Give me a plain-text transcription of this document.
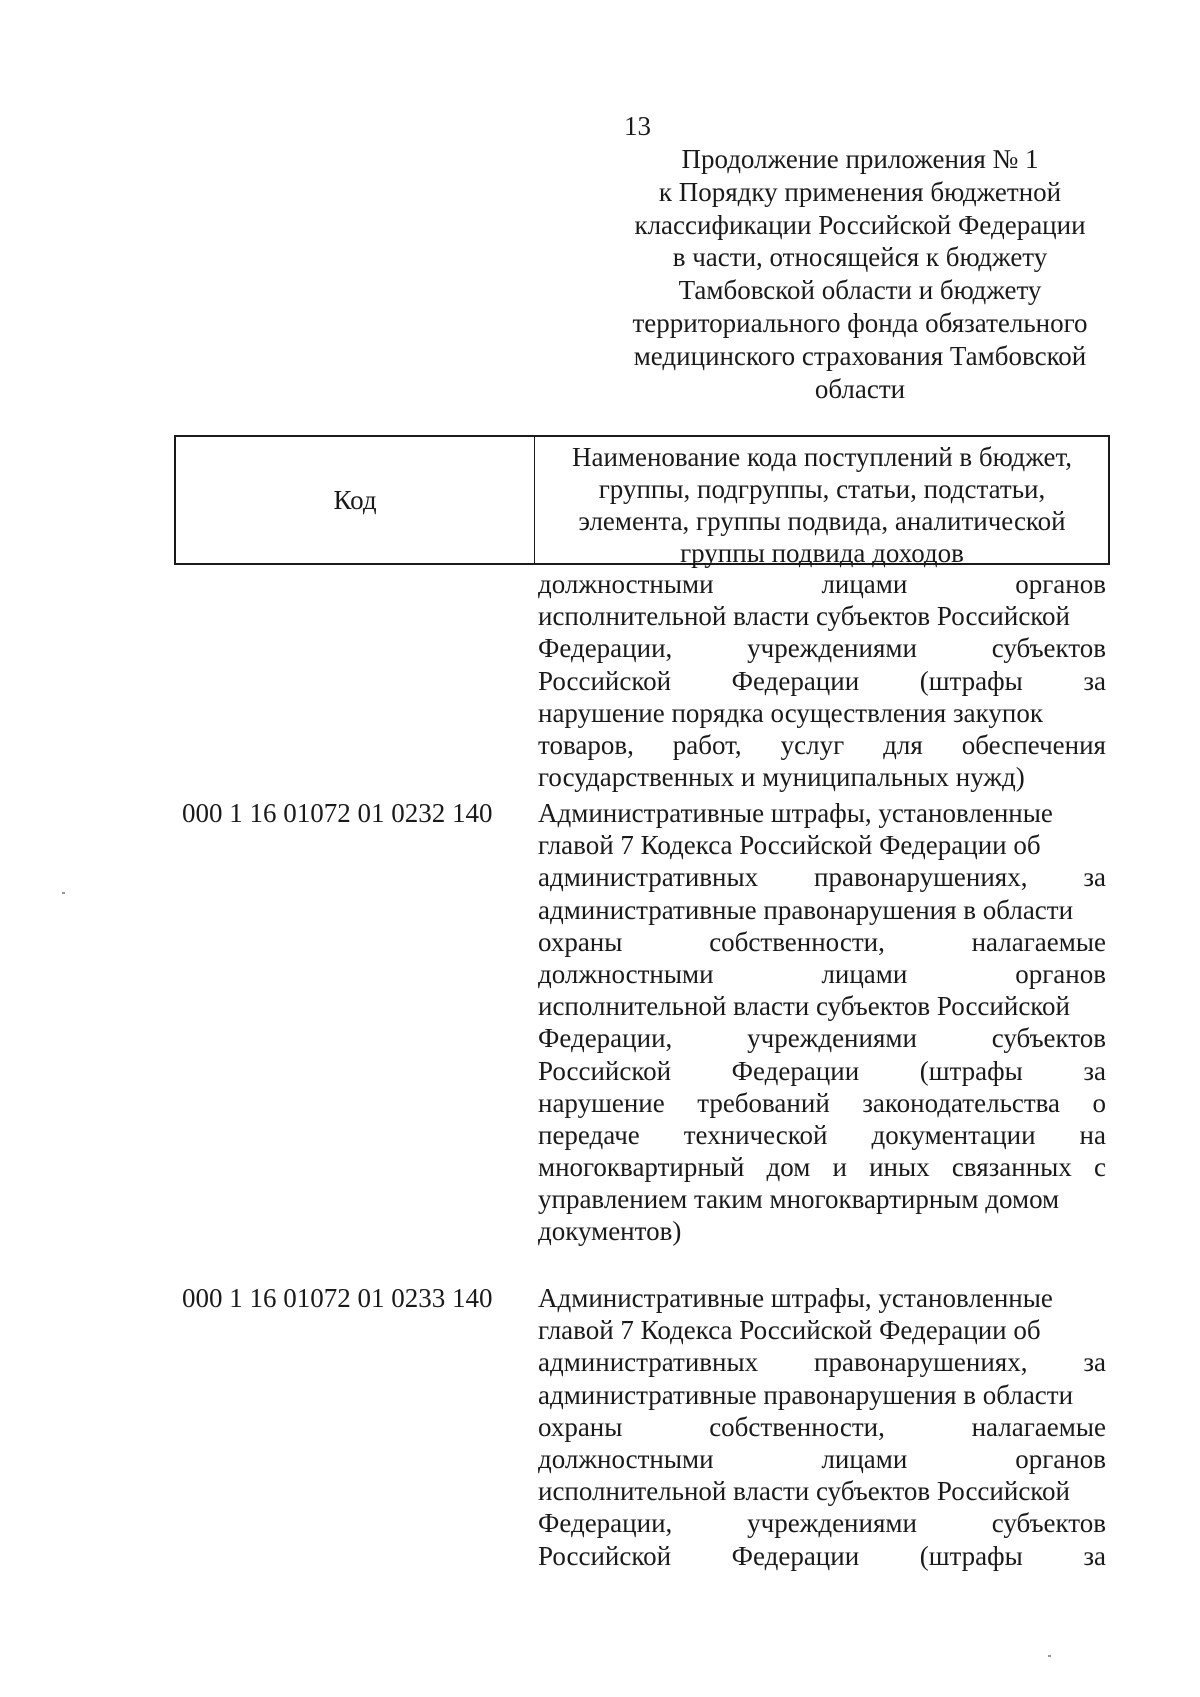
13
Продолжение приложения № 1
к Порядку применения бюджетной
классификации Российской Федерации
в части, относящейся к бюджету
Тамбовской области и бюджету
территориального фонда обязательного
медицинского страхования Тамбовской
области
Код
Наименование кода поступлений в бюджет,
группы, подгруппы, статьи, подстатьи,
элемента, группы подвида, аналитической
группы подвида доходов
должностными	лицами	органов
исполнительной власти субъектов Российской
Федерации,	учреждениями	субъектов
Российской Федерации (штрафы за
нарушение порядка осуществления закупок
товаров, работ, услуг для обеспечения
государственных и муниципальных нужд)
000 1 16 01072 01 0232 140	Административные штрафы, установленные
главой 7 Кодекса Российской Федерации об
административных правонарушениях, за
административные правонарушения в области
охраны	собственности,	налагаемые
должностными	лицами	органов
исполнительной власти субъектов Российской
Федерации,	учреждениями	субъектов
Российской Федерации (штрафы за
нарушение требований законодательства о
передаче технической документации на
многоквартирный дом и иных связанных с
управлением таким многоквартирным домом
документов)
000 1 16 01072 01 0233 140	Административные штрафы, установленные
главой 7 Кодекса Российской Федерации об
административных правонарушениях, за
административные правонарушения в области
охраны	собственности,	налагаемые
должностными	лицами	органов
исполнительной власти субъектов Российской
Федерации,	учреждениями	субъектов
Российской Федерации (штрафы за
